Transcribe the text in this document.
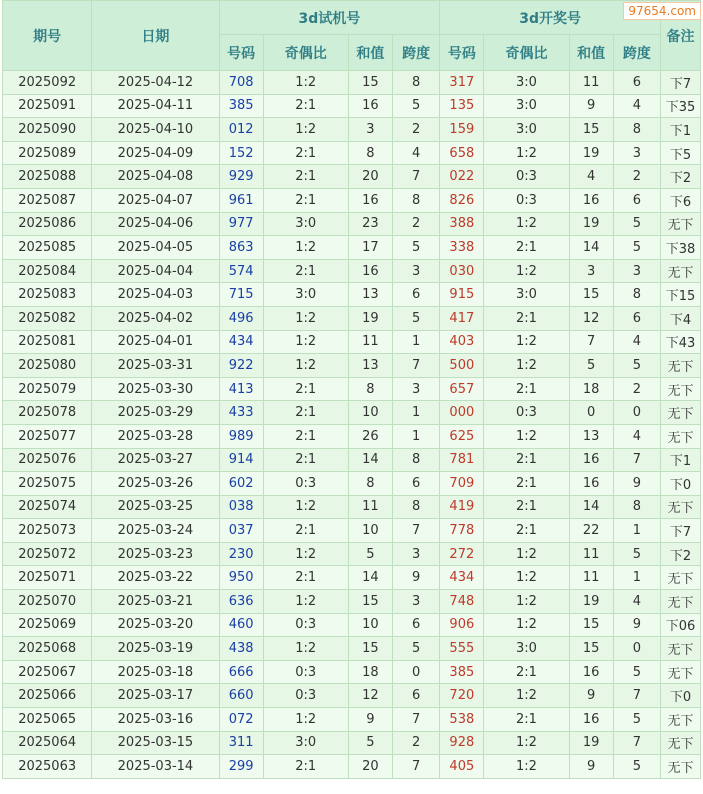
期号	日期	3d试机号				3d开奖号				备注
		号码	奇偶比	和值	跨度	号码	奇偶比	和值	跨度	
2025092	2025-04-12	708	1:2	15	8	317	3:0	11	6	下7
2025091	2025-04-11	385	2:1	16	5	135	3:0	9	4	下35
2025090	2025-04-10	012	1:2	3	2	159	3:0	15	8	下1
2025089	2025-04-09	152	2:1	8	4	658	1:2	19	3	下5
2025088	2025-04-08	929	2:1	20	7	022	0:3	4	2	下2
2025087	2025-04-07	961	2:1	16	8	826	0:3	16	6	下6
2025086	2025-04-06	977	3:0	23	2	388	1:2	19	5	无下
2025085	2025-04-05	863	1:2	17	5	338	2:1	14	5	下38
2025084	2025-04-04	574	2:1	16	3	030	1:2	3	3	无下
2025083	2025-04-03	715	3:0	13	6	915	3:0	15	8	下15
2025082	2025-04-02	496	1:2	19	5	417	2:1	12	6	下4
2025081	2025-04-01	434	1:2	11	1	403	1:2	7	4	下43
2025080	2025-03-31	922	1:2	13	7	500	1:2	5	5	无下
2025079	2025-03-30	413	2:1	8	3	657	2:1	18	2	无下
2025078	2025-03-29	433	2:1	10	1	000	0:3	0	0	无下
2025077	2025-03-28	989	2:1	26	1	625	1:2	13	4	无下
2025076	2025-03-27	914	2:1	14	8	781	2:1	16	7	下1
2025075	2025-03-26	602	0:3	8	6	709	2:1	16	9	下0
2025074	2025-03-25	038	1:2	11	8	419	2:1	14	8	无下
2025073	2025-03-24	037	2:1	10	7	778	2:1	22	1	下7
2025072	2025-03-23	230	1:2	5	3	272	1:2	11	5	下2
2025071	2025-03-22	950	2:1	14	9	434	1:2	11	1	无下
2025070	2025-03-21	636	1:2	15	3	748	1:2	19	4	无下
2025069	2025-03-20	460	0:3	10	6	906	1:2	15	9	下06
2025068	2025-03-19	438	1:2	15	5	555	3:0	15	0	无下
2025067	2025-03-18	666	0:3	18	0	385	2:1	16	5	无下
2025066	2025-03-17	660	0:3	12	6	720	1:2	9	7	下0
2025065	2025-03-16	072	1:2	9	7	538	2:1	16	5	无下
2025064	2025-03-15	311	3:0	5	2	928	1:2	19	7	无下
2025063	2025-03-14	299	2:1	20	7	405	1:2	9	5	无下
97654.com
